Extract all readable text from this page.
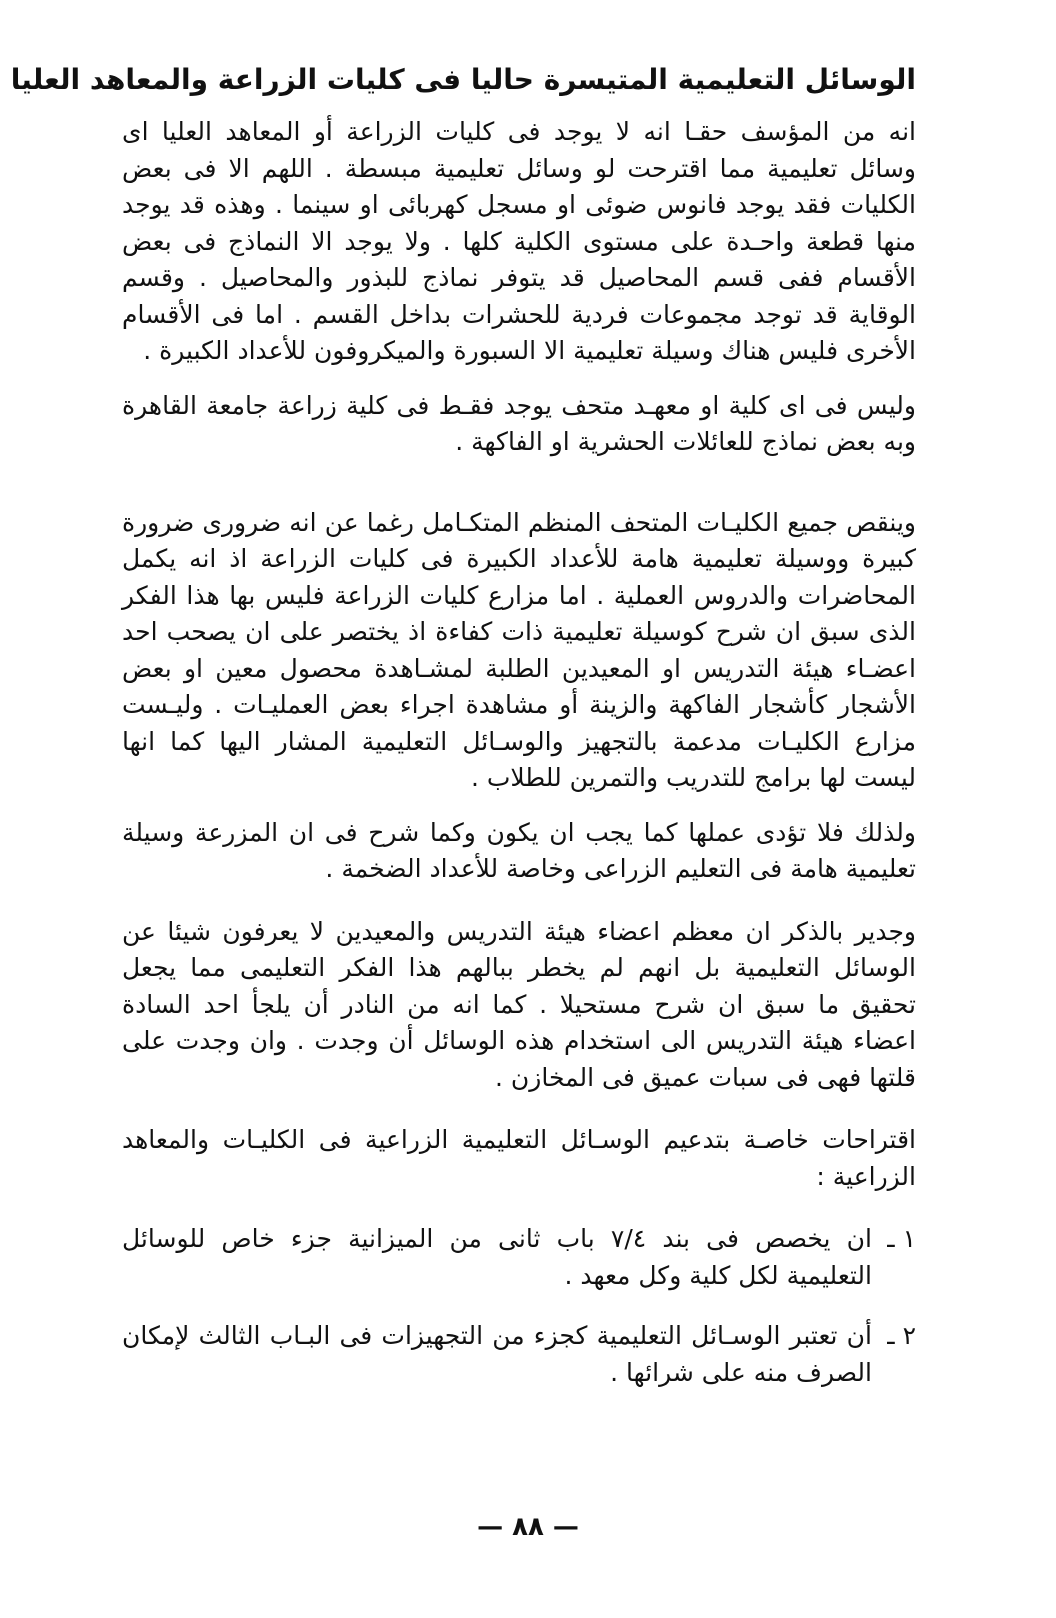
الوسائل التعليمية المتيسرة حاليا فى كليات الزراعة والمعاهد العليا

انه من المؤسف حقـا انه لا يوجد فى كليات الزراعة أو المعاهد العليا اى وسائل تعليمية مما اقترحت لو وسائل تعليمية مبسطة . اللهم الا فى بعض الكليات فقد يوجد فانوس ضوئى او مسجل كهربائى او سينما . وهذه قد يوجد منها قطعة واحـدة على مستوى الكلية كلها . ولا يوجد الا النماذج فى بعض الأقسام ففى قسم المحاصيل قد يتوفر نماذج للبذور والمحاصيل . وقسم الوقاية قد توجد مجموعات فردية للحشرات بداخل القسم . اما فى الأقسام الأخرى فليس هناك وسيلة تعليمية الا السبورة والميكروفون للأعداد الكبيرة .

وليس فى اى كلية او معهـد متحف يوجد فقـط فى كلية زراعة جامعة القاهرة وبه بعض نماذج للعائلات الحشرية او الفاكهة .

وينقص جميع الكليـات المتحف المنظم المتكـامل رغما عن انه ضرورى ضرورة كبيرة ووسيلة تعليمية هامة للأعداد الكبيرة فى كليات الزراعة اذ انه يكمل المحاضرات والدروس العملية . اما مزارع كليات الزراعة فليس بها هذا الفكر الذى سبق ان شرح كوسيلة تعليمية ذات كفاءة اذ يختصر على ان يصحب احد اعضـاء هيئة التدريس او المعيدين الطلبة لمشـاهدة محصول معين او بعض الأشجار كأشجار الفاكهة والزينة أو مشاهدة اجراء بعض العمليـات . وليـست مزارع الكليـات مدعمة بالتجهيز والوسـائل التعليمية المشار اليها كما انها ليست لها برامج للتدريب والتمرين للطلاب .

ولذلك فلا تؤدى عملها كما يجب ان يكون وكما شرح فى ان المزرعة وسيلة تعليمية هامة فى التعليم الزراعى وخاصة للأعداد الضخمة .

وجدير بالذكر ان معظم اعضاء هيئة التدريس والمعيدين لا يعرفون شيئا عن الوسائل التعليمية بل انهم لم يخطر ببالهم هذا الفكر التعليمى مما يجعل تحقيق ما سبق ان شرح مستحيلا . كما انه من النادر أن يلجأ احد السادة اعضاء هيئة التدريس الى استخدام هذه الوسائل أن وجدت . وان وجدت على قلتها فهى فى سبات عميق فى المخازن .

اقتراحات خاصـة بتدعيم الوسـائل التعليمية الزراعية فى الكليـات والمعاهد الزراعية :

١ ـ
ان يخصص فى بند ٧/٤ باب ثانى من الميزانية جزء خاص للوسائل التعليمية لكل كلية وكل معهد .
٢ ـ
أن تعتبر الوسـائل التعليمية كجزء من التجهيزات فى البـاب الثالث لإمكان الصرف منه على شرائها .
— ٨٨ —
